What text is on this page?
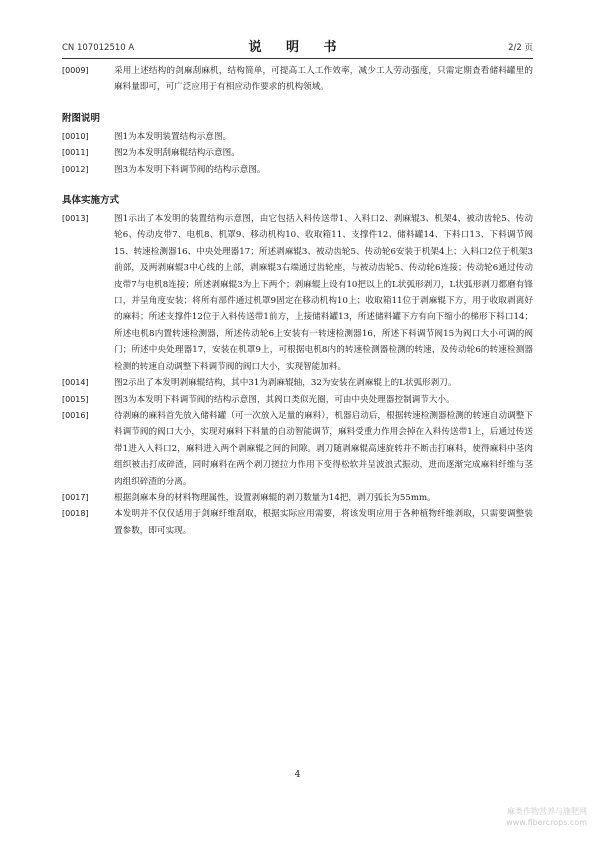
CN 107012510 A	说 明 书	2/2 页
[0009]	采用上述结构的剑麻刮麻机，结构简单，可提高工人工作效率，减少工人劳动强度，只需定期查看储料罐里的麻料量即可，可广泛应用于有相应动作要求的机构领域。
附图说明
[0010]	图1为本发明装置结构示意图。
[0011]	图2为本发明刮麻辊结构示意图。
[0012]	图3为本发明下料调节阀的结构示意图。
具体实施方式
[0013]	图1示出了本发明的装置结构示意图，由它包括入料传送带1、入料口2、剥麻辊3、机架4、被动齿轮5、传动轮6、传动皮带7、电机8、机罩9、移动机构10、收取箱11、支撑件12、储料罐14、下料口13、下料调节阀15、转速检测器16、中央处理器17；所述剥麻辊3、被动齿轮5、传动轮6安装于机架4上；入料口2位于机架3前部，及两剥麻辊3中心线的上部，剥麻辊3右端通过齿轮座，与被动齿轮5、传动轮6连接；传动轮6通过传动皮带7与电机8连接；所述剥麻辊3为上下两个；剥麻辊上设有10把以上的L状弧形剥刀，L状弧形剥刀都磨有锋口，并呈角度安装；将所有部件通过机罩9固定在移动机构10上；收取箱11位于剥麻辊下方，用于收取剥离好的麻料；所述支撑件12位于入料传送带1前方，上接储料罐13，所述储料罐下方有向下缩小的梯形下料口14；所述电机8内置转速检测器，所述传动轮6上安装有一转速检测器16，所述下料调节阀15为阀口大小可调的阀门；所述中央处理器17，安装在机罩9上，可根据电机8内的转速检测器检测的转速，及传动轮6的转速检测器检测的转速自动调整下料调节阀的阀口大小，实现智能加料。
[0014]	图2示出了本发明剥麻辊结构，其中31为剥麻辊轴，32为安装在剥麻辊上的L状弧形剥刀。
[0015]	图3为本发明下料调节阀的结构示意图，其阀口类似光圈，可由中央处理器控制调节大小。
[0016]	待剥麻的麻料首先放入储料罐（可一次放入足量的麻料），机器启动后，根据转速检测器检测的转速自动调整下料调节阀的阀口大小，实现对麻料下料量的自动智能调节，麻料受重力作用会掉在入料传送带1上，后通过传送带1进入入料口2，麻料进入两个剥麻辊之间的间隙。剥刀随剥麻辊高速旋转并不断击打麻料，使得麻料中茎肉组织被击打成碎渣，同时麻料在两个剥刀搓拉力作用下变得松软并呈波浪式振动，进而逐渐完成麻料纤维与茎肉组织碎渣的分离。
[0017]	根据剑麻本身的材料物理属性，设置剥麻辊的剥刀数量为14把，剥刀弧长为55mm。
[0018]	本发明并不仅仅适用于剑麻纤维刮取，根据实际应用需要，将该发明应用于各种植物纤维剥取，只需要调整装置参数，即可实现。
4
麻类作物营养与施肥网
www.fibercrops.com
